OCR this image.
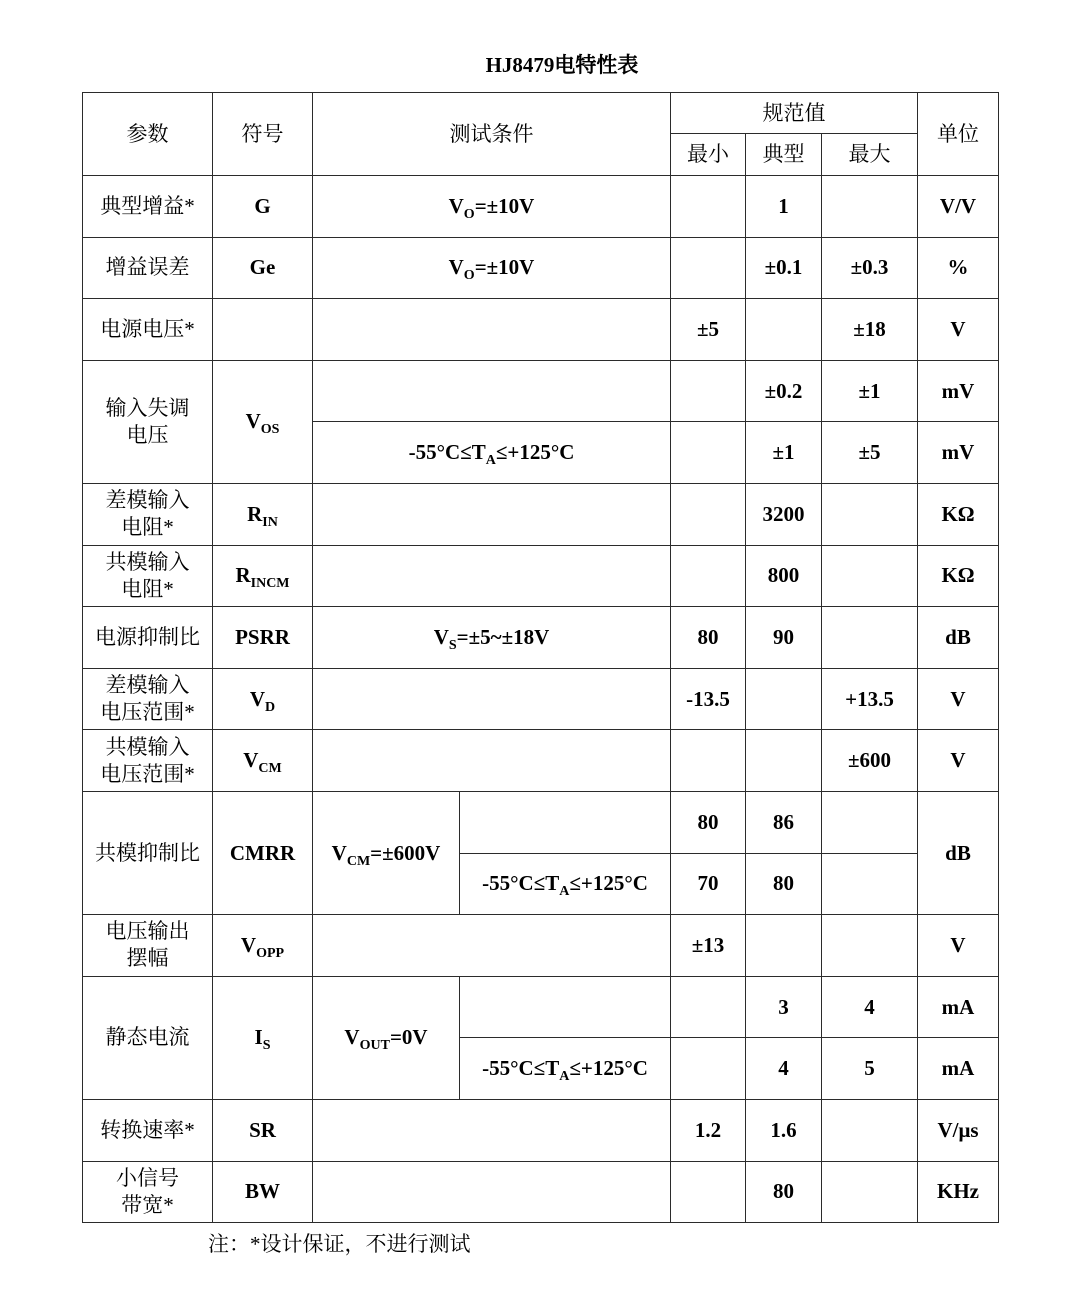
HJ8479电特性表
参数	符号	测试条件		规范值			单位
				最小	典型	最大	
典型增益*	G	$V_O=\pm 10V$			1		V/V
增益误差	Ge	$V_O=\pm 10V$			±0.1	±0.3	%
电源电压*				±5		±18	V
输入失调
电压	$V_{OS}$				±0.2	±1	mV
		$-55^\circ C\le T_A\le+125^\circ C$			±1	±5	mV
差模输入
电阻*	$R_{IN}$				3200		KΩ
共模输入
电阻*	$R_{INCM}$				800		KΩ
电源抑制比	PSRR	$V_S=\pm 5\sim\pm 18V$		80	90		dB
差模输入
电压范围*	$V_D$			-13.5		+13.5	V
共模输入
电压范围*	$V_{CM}$					±600	V
共模抑制比	CMRR	$V_{CM}=\pm 600V$		80	86		dB
			$-55^\circ C\le T_A\le+125^\circ C$	70	80		
电压输出
摆幅	$V_{OPP}$			±13			V
静态电流	$I_S$	$V_{OUT}=0V$			3	4	mA
			$-55^\circ C\le T_A\le+125^\circ C$		4	5	mA
转换速率*	SR			1.2	1.6		V/μs
小信号
带宽*	BW				80		KHz
注：*设计保证，不进行测试
